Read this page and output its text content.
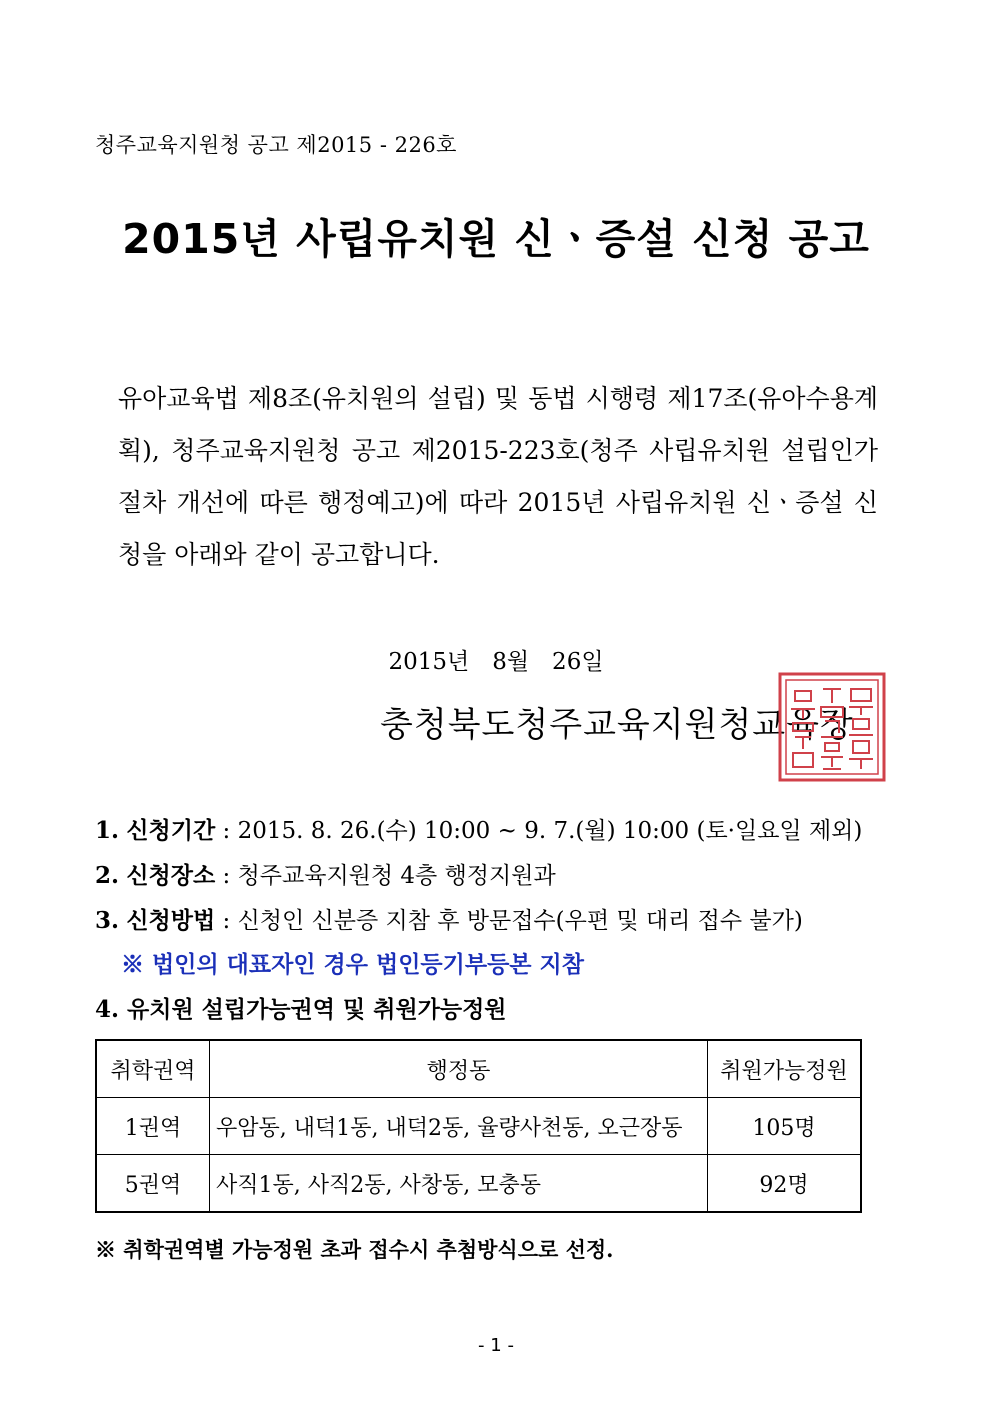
청주교육지원청 공고 제2015 - 226호
2015년 사립유치원 신ㆍ증설 신청 공고
유아교육법 제8조(유치원의 설립) 및 동법 시행령 제17조(유아수용계획), 청주교육지원청 공고 제2015-223호(청주 사립유치원 설립인가절차 개선에 따른 행정예고)에 따라 2015년 사립유치원 신ㆍ증설 신청을 아래와 같이 공고합니다.
2015년　8월　26일
충청북도청주교육지원청교육장
1. 신청기간 : 2015. 8. 26.(수) 10:00 ~ 9. 7.(월) 10:00 (토·일요일 제외)
2. 신청장소 : 청주교육지원청 4층 행정지원과
3. 신청방법 : 신청인 신분증 지참 후 방문접수(우편 및 대리 접수 불가)
※ 법인의 대표자인 경우 법인등기부등본 지참
4. 유치원 설립가능권역 및 취원가능정원
취학권역	행정동	취원가능정원
1권역	우암동, 내덕1동, 내덕2동, 율량사천동, 오근장동	105명
5권역	사직1동, 사직2동, 사창동, 모충동	92명
※ 취학권역별 가능정원 초과 접수시 추첨방식으로 선정.
- 1 -
